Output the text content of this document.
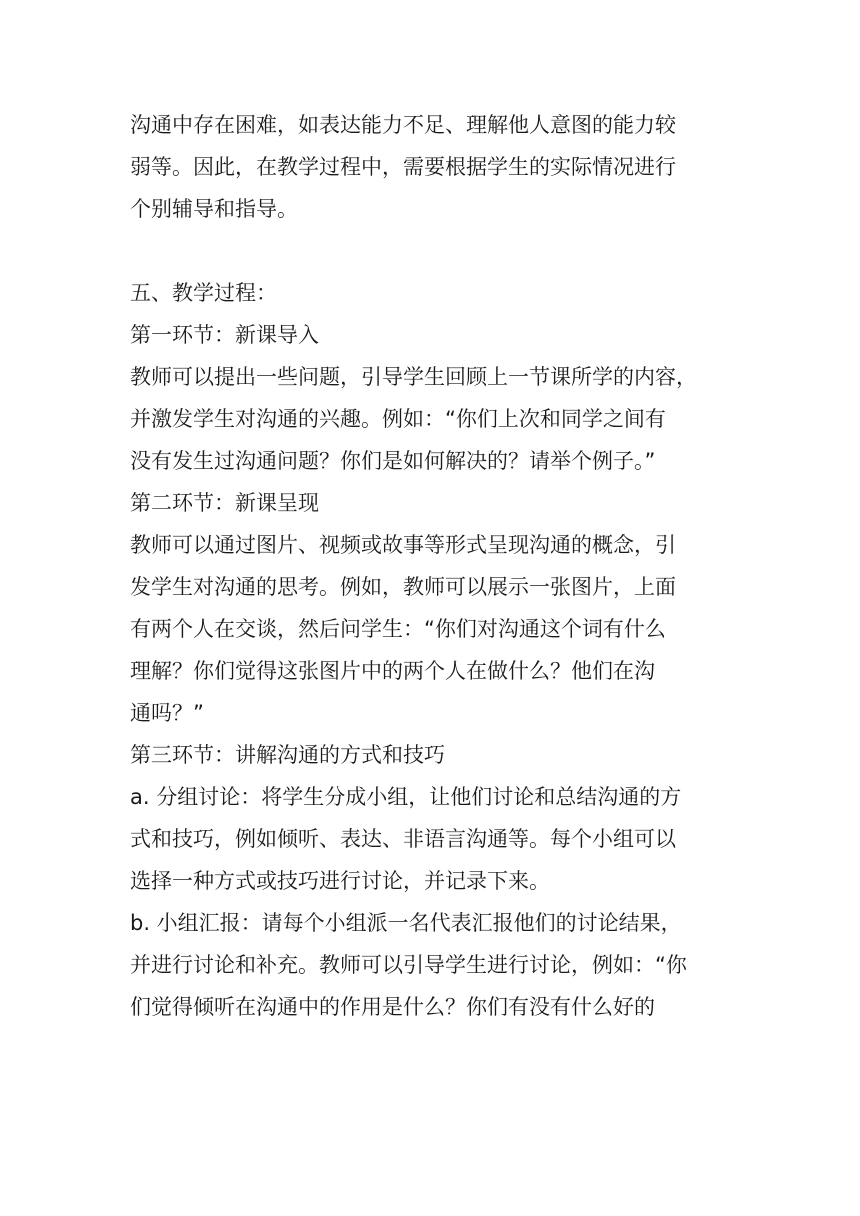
沟通中存在困难，如表达能力不足、理解他人意图的能力较
弱等。因此，在教学过程中，需要根据学生的实际情况进行
个别辅导和指导。
五、教学过程：
第一环节：新课导入
教师可以提出一些问题，引导学生回顾上一节课所学的内容，
并激发学生对沟通的兴趣。例如：“你们上次和同学之间有
没有发生过沟通问题？你们是如何解决的？请举个例子。”
第二环节：新课呈现
教师可以通过图片、视频或故事等形式呈现沟通的概念，引
发学生对沟通的思考。例如，教师可以展示一张图片，上面
有两个人在交谈，然后问学生：“你们对沟通这个词有什么
理解？你们觉得这张图片中的两个人在做什么？他们在沟
通吗？”
第三环节：讲解沟通的方式和技巧
a. 分组讨论：将学生分成小组，让他们讨论和总结沟通的方
式和技巧，例如倾听、表达、非语言沟通等。每个小组可以
选择一种方式或技巧进行讨论，并记录下来。
b. 小组汇报：请每个小组派一名代表汇报他们的讨论结果，
并进行讨论和补充。教师可以引导学生进行讨论，例如：“你
们觉得倾听在沟通中的作用是什么？你们有没有什么好的
